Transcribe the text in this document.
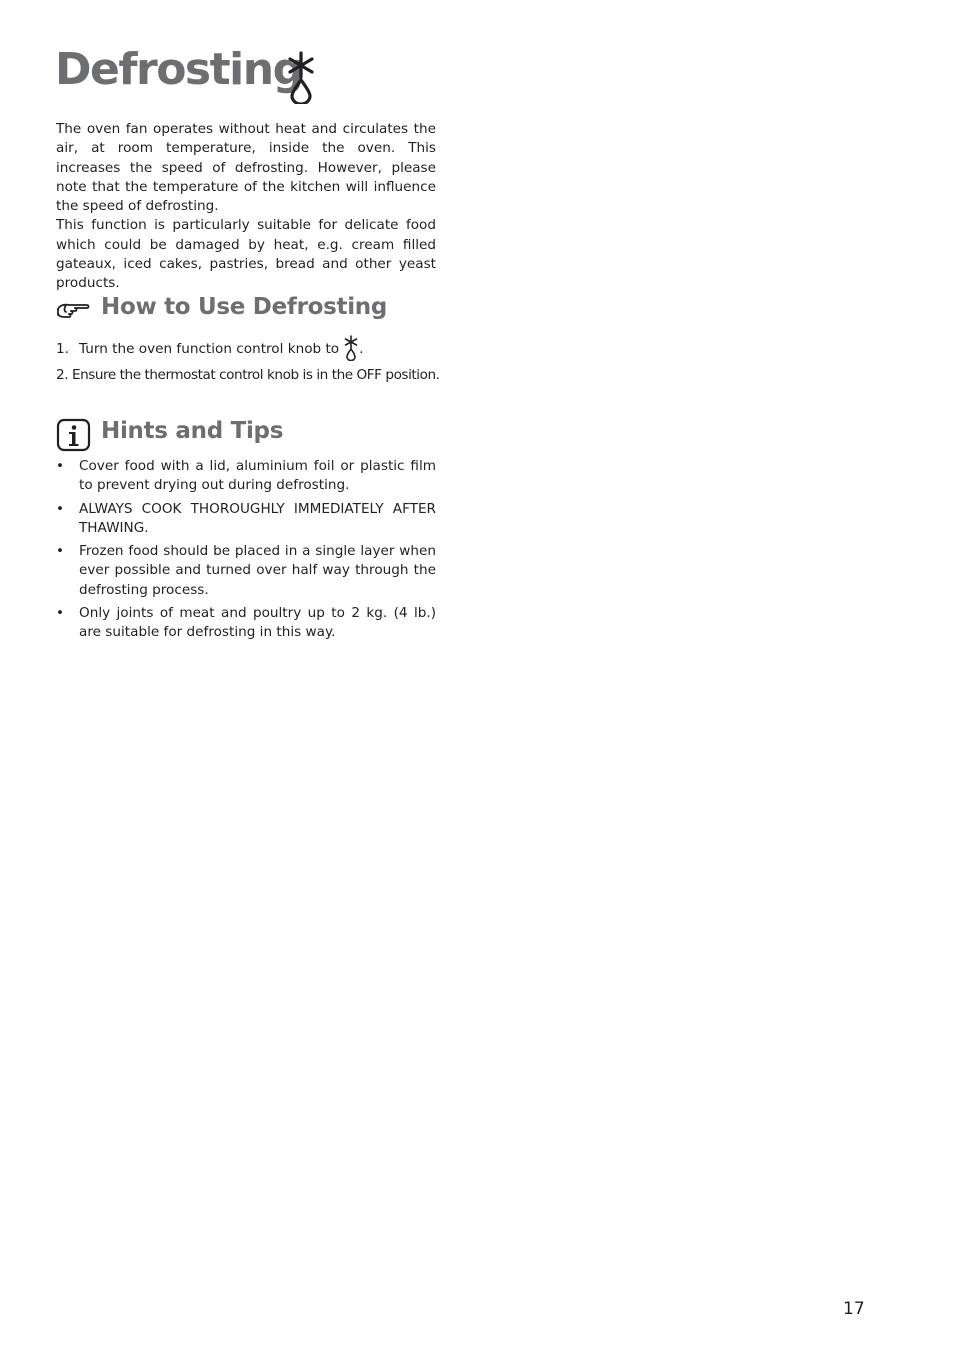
Defrosting

The oven fan operates without heat and circulates the air, at room temperature, inside the oven. This increases the speed of defrosting. However, please note that the temperature of the kitchen will influence the speed of defrosting.

This function is particularly suitable for delicate food which could be damaged by heat, e.g. cream filled gateaux, iced cakes, pastries, bread and other yeast products.

How to Use Defrosting
1. Turn the oven function control knob to .
2. Ensure the thermostat control knob is in the OFF position.
Hints and Tips
• Cover food with a lid, aluminium foil or plastic film to prevent drying out during defrosting.
• ALWAYS COOK THOROUGHLY IMMEDIATELY AFTER THAWING.
• Frozen food should be placed in a single layer when ever possible and turned over half way through the defrosting process.
• Only joints of meat and poultry up to 2 kg. (4 lb.) are suitable for defrosting in this way.
17
